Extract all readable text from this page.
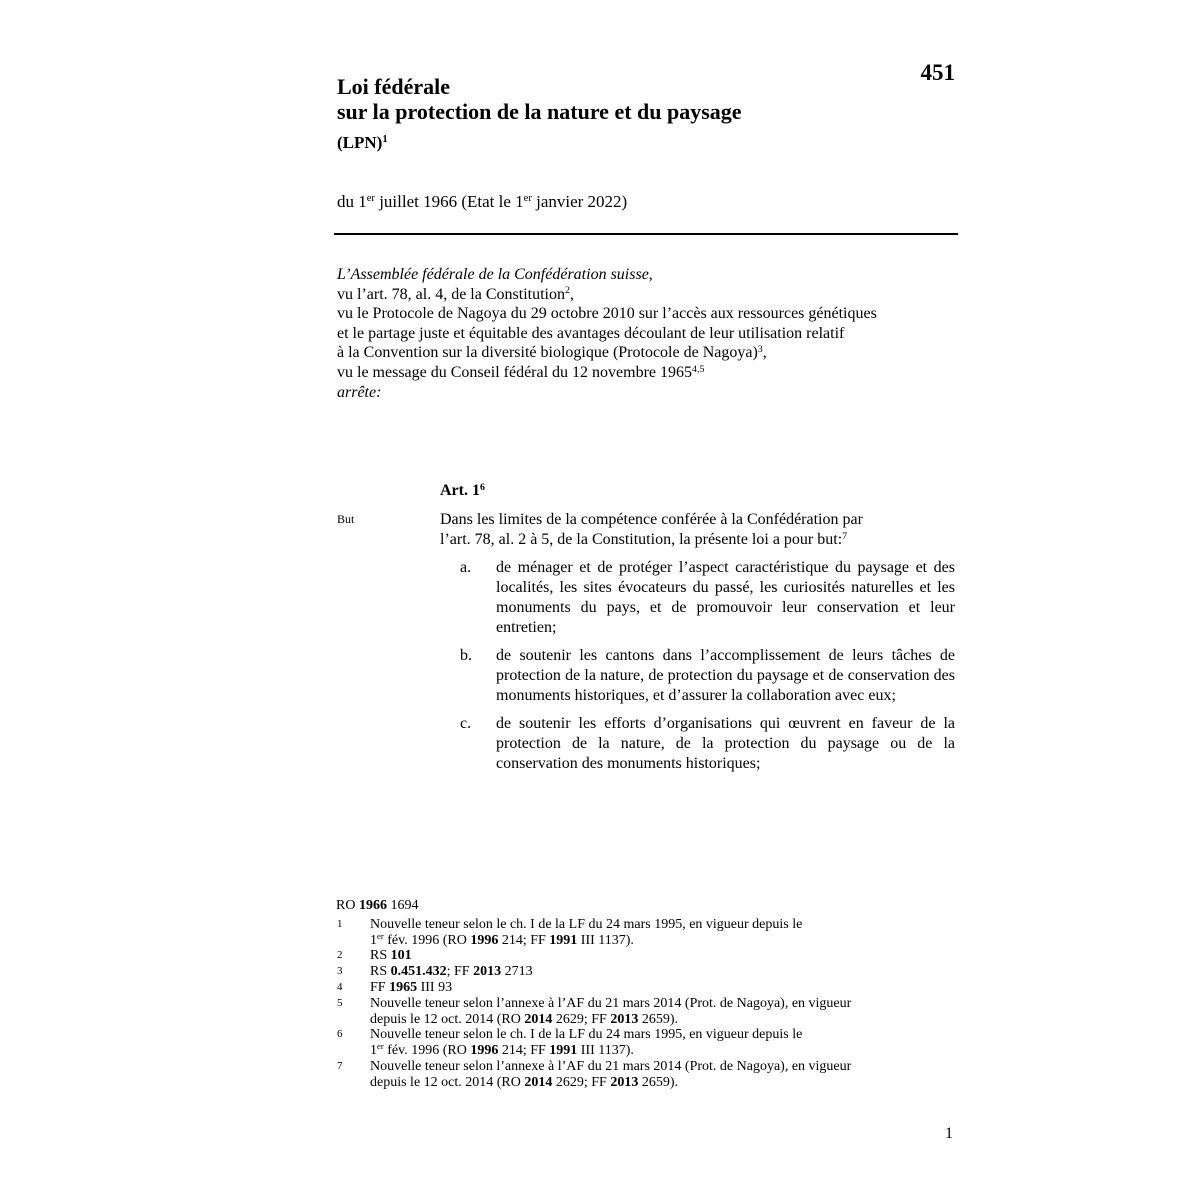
451
Loi fédérale
sur la protection de la nature et du paysage
(LPN)$^1$
du 1er juillet 1966 (Etat le 1er janvier 2022)
L’Assemblée fédérale de la Confédération suisse,
vu l’art. 78, al. 4, de la Constitution$^2$,
vu le Protocole de Nagoya du 29 octobre 2010 sur l’accès aux ressources génétiques
et le partage juste et équitable des avantages découlant de leur utilisation relatif
à la Convention sur la diversité biologique (Protocole de Nagoya)$^3$,
vu le message du Conseil fédéral du 12 novembre 1965$^{4,5}$
arrête:
Art. $1^6$
But	Dans les limites de la compétence conférée à la Confédération par
l’art. 78, al. 2 à 5, de la Constitution, la présente loi a pour but:$^7$
a.	de ménager et de protéger l’aspect caractéristique du paysage et des localités, les sites évocateurs du passé, les curiosités naturelles et les monuments du pays, et de promouvoir leur conservation et leur entretien;
b.	de soutenir les cantons dans l’accomplissement de leurs tâches de protection de la nature, de protection du paysage et de conservation des monuments historiques, et d’assurer la collaboration avec eux;
c.	de soutenir les efforts d’organisations qui œuvrent en faveur de la protection de la nature, de la protection du paysage ou de la conservation des monuments historiques;
RO 1966 1694
1	Nouvelle teneur selon le ch. I de la LF du 24 mars 1995, en vigueur depuis le
1er fév. 1996 (RO 1996 214; FF 1991 III 1137).
2	RS 101
3	RS 0.451.432; FF 2013 2713
4	FF 1965 III 93
5	Nouvelle teneur selon l’annexe à l’AF du 21 mars 2014 (Prot. de Nagoya), en vigueur
depuis le 12 oct. 2014 (RO 2014 2629; FF 2013 2659).
6	Nouvelle teneur selon le ch. I de la LF du 24 mars 1995, en vigueur depuis le
1er fév. 1996 (RO 1996 214; FF 1991 III 1137).
7	Nouvelle teneur selon l’annexe à l’AF du 21 mars 2014 (Prot. de Nagoya), en vigueur
depuis le 12 oct. 2014 (RO 2014 2629; FF 2013 2659).
1
